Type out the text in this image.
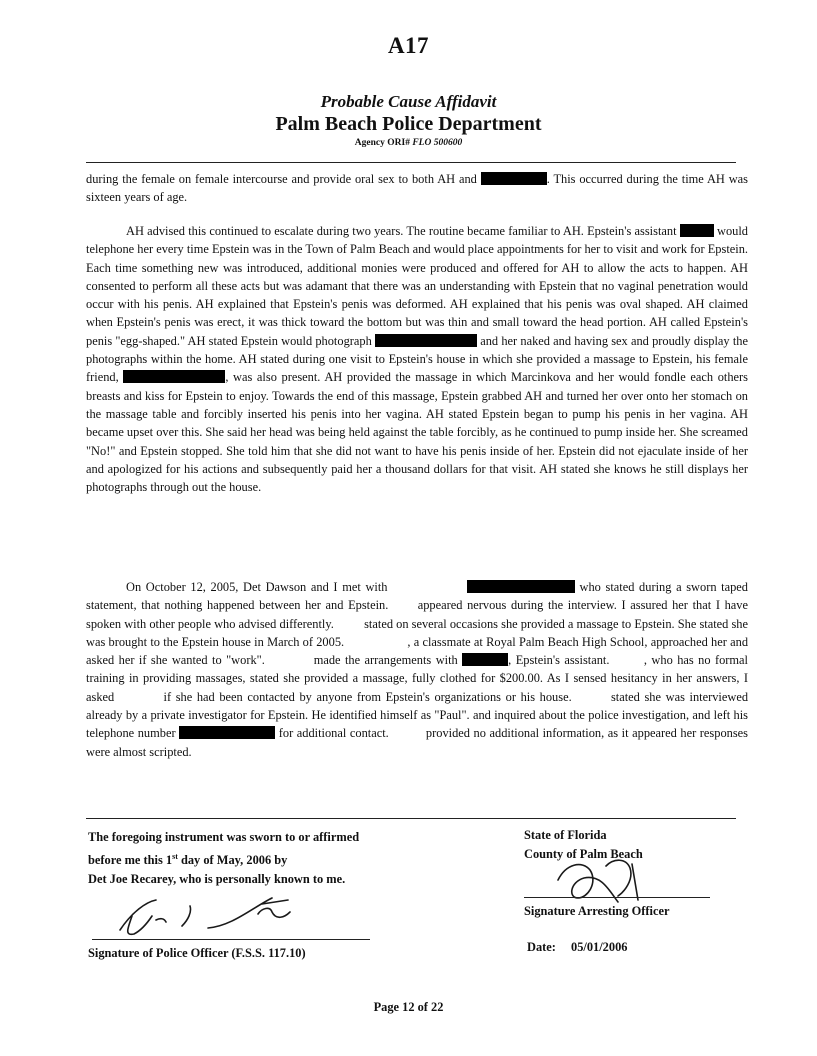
A17
Probable Cause Affidavit
Palm Beach Police Department
Agency ORI# FLO 500600
during the female on female intercourse and provide oral sex to both AH and	. This occurred during the time AH was sixteen years of age.
AH advised this continued to escalate during two years. The routine became familiar to AH. Epstein's assistant	would telephone her every time Epstein was in the Town of Palm Beach and would place appointments for her to visit and work for Epstein. Each time something new was introduced, additional monies were produced and offered for AH to allow the acts to happen. AH consented to perform all these acts but was adamant that there was an understanding with Epstein that no vaginal penetration would occur with his penis. AH explained that Epstein's penis was deformed. AH explained that his penis was oval shaped. AH claimed when Epstein's penis was erect, it was thick toward the bottom but was thin and small toward the head portion. AH called Epstein's penis "egg-shaped." AH stated Epstein would photograph	and her naked and having sex and proudly display the photographs within the home. AH stated during one visit to Epstein's house in which she provided a massage to Epstein, his female friend,	, was also present. AH provided the massage in which Marcinkova and her would fondle each others breasts and kiss for Epstein to enjoy. Towards the end of this massage, Epstein grabbed AH and turned her over onto her stomach on the massage table and forcibly inserted his penis into her vagina. AH stated Epstein began to pump his penis in her vagina. AH became upset over this. She said her head was being held against the table forcibly, as he continued to pump inside her. She screamed "No!" and Epstein stopped. She told him that she did not want to have his penis inside of her. Epstein did not ejaculate inside of her and apologized for his actions and subsequently paid her a thousand dollars for that visit. AH stated she knows he still displays her photographs through out the house.
On October 12, 2005, Det Dawson and I met with	who stated during a sworn taped statement, that nothing happened between her and Epstein. appeared nervous during the interview. I assured her that I have spoken with other people who advised differently. stated on several occasions she provided a massage to Epstein. She stated she was brought to the Epstein house in March of 2005.	, a classmate at Royal Palm Beach High School, approached her and asked her if she wanted to "work".	made the arrangements with	, Epstein's assistant.	, who has no formal training in providing massages, stated she provided a massage, fully clothed for $200.00. As I sensed hesitancy in her answers, I asked	if she had been contacted by anyone from Epstein's organizations or his house.	stated she was interviewed already by a private investigator for Epstein. He identified himself as "Paul". and inquired about the police investigation, and left his telephone number	for additional contact.	provided no additional information, as it appeared her responses were almost scripted.
The foregoing instrument was sworn to or affirmed
before me this 1st day of May, 2006 by
Det Joe Recarey, who is personally known to me.
Signature of Police Officer (F.S.S. 117.10)
State of Florida
County of Palm Beach
Signature Arresting Officer
Date: 05/01/2006
Page 12 of 22
